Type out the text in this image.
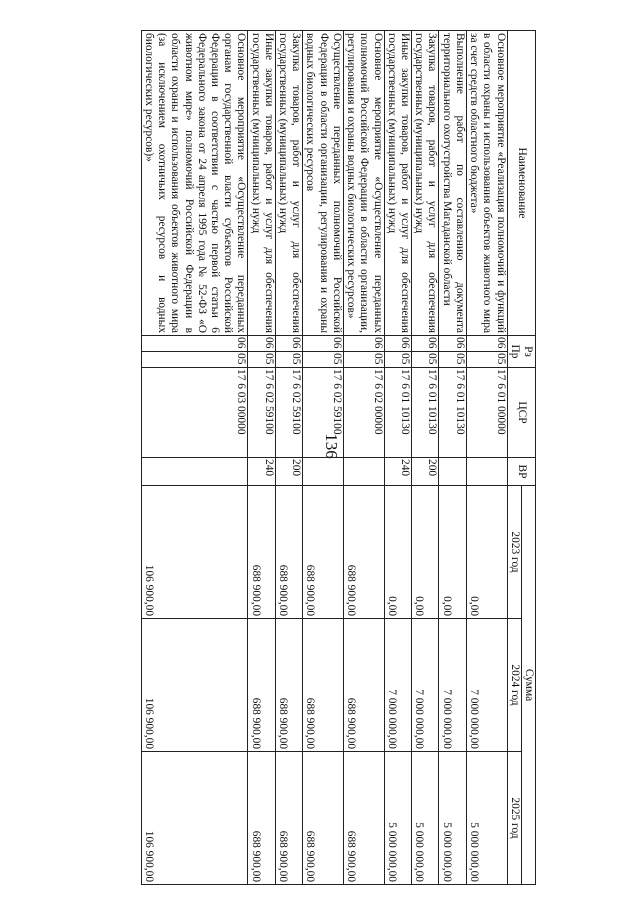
136
Наименование	Рз Пр		ЦСР	ВР	Сумма		
					2023 год	2024 год	2025 год
Основное мероприятие «Реализация полномочий и функций в области охраны и использования объектов животного мира за счет средств областного бюджета»	06	05	17 6 01 00000		0,00	7 000 000,00	5 000 000,00
Выполнение работ по составлению документа территориального охотустройства Магаданской области	06	05	17 6 01 10130		0,00	7 000 000,00	5 000 000,00
Закупка товаров, работ и услуг для обеспечения государственных (муниципальных) нужд	06	05	17 6 01 10130	200	0,00	7 000 000,00	5 000 000,00
Иные закупки товаров, работ и услуг для обеспечения государственных (муниципальных) нужд	06	05	17 6 01 10130	240	0,00	7 000 000,00	5 000 000,00
Основное мероприятие «Осуществление переданных полномочий Российской Федерации в области организации, регулирования и охраны водных биологических ресурсов»	06	05	17 6 02 00000		688 900,00	688 900,00	688 900,00
Осуществление переданных полномочий Российской Федерации в области организации, регулирования и охраны водных биологических ресурсов	06	05	17 6 02 59100		688 900,00	688 900,00	688 900,00
Закупка товаров, работ и услуг для обеспечения государственных (муниципальных) нужд	06	05	17 6 02 59100	200	688 900,00	688 900,00	688 900,00
Иные закупки товаров, работ и услуг для обеспечения государственных (муниципальных) нужд	06	05	17 6 02 59100	240	688 900,00	688 900,00	688 900,00
Основное мероприятие «Осуществление переданных органам государственной власти субъектов Российской Федерации в соответствии с частью первой статьи 6 Федерального закона от 24 апреля 1995 года № 52-ФЗ «О животном мире» полномочий Российской Федерации в области охраны и использования объектов животного мира (за исключением охотничьих ресурсов и водных биологических ресурсов)»	06	05	17 6 03 00000		106 900,00	106 900,00	106 900,00
